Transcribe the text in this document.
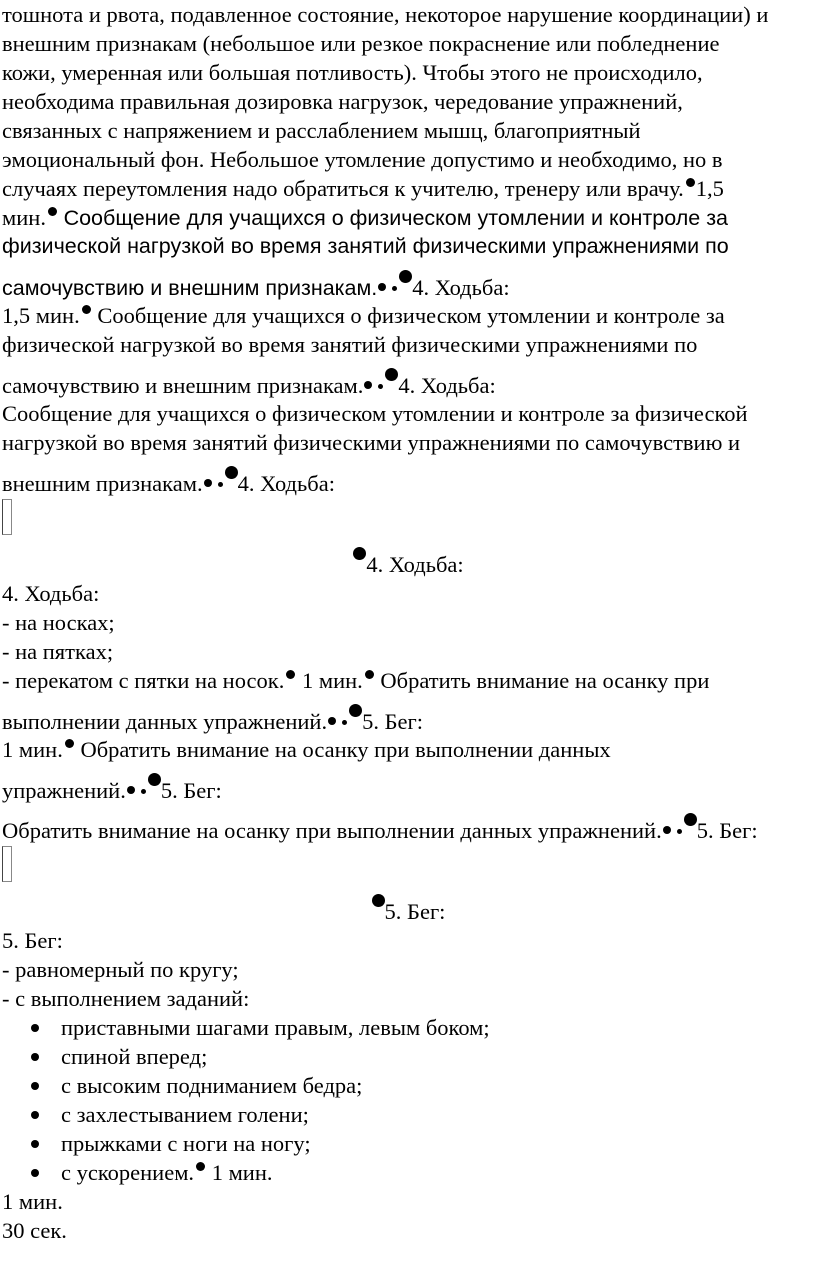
тошнота и рвота, подавленное состояние, некоторое нарушение координации) и
внешним признакам (небольшое или резкое покраснение или побледнение
кожи, умеренная или большая потливость). Чтобы этого не происходило,
необходима правильная дозировка нагрузок, чередование упражнений,
связанных с напряжением и расслаблением мышц, благоприятный
эмоциональный фон. Небольшое утомление допустимо и необходимо, но в
случаях переутомления надо обратиться к учителю, тренеру или врачу. 1,5
мин. Сообщение для учащихся о физическом утомлении и контроле за
физической нагрузкой во время занятий физическими упражнениями по
самочувствию и внешним признакам. 4. Ходьба:
1,5 мин. Сообщение для учащихся о физическом утомлении и контроле за
физической нагрузкой во время занятий физическими упражнениями по
самочувствию и внешним признакам. 4. Ходьба:
Сообщение для учащихся о физическом утомлении и контроле за физической
нагрузкой во время занятий физическими упражнениями по самочувствию и
внешним признакам. 4. Ходьба:
4. Ходьба:
4. Ходьба:
- на носках;
- на пятках;
- перекатом с пятки на носок. 1 мин. Обратить внимание на осанку при
выполнении данных упражнений. 5. Бег:
1 мин. Обратить внимание на осанку при выполнении данных
упражнений. 5. Бег:
Обратить внимание на осанку при выполнении данных упражнений. 5. Бег:
5. Бег:
5. Бег:
- равномерный по кругу;
- с выполнением заданий:
приставными шагами правым, левым боком;
спиной вперед;
с высоким подниманием бедра;
с захлестыванием голени;
прыжками с ноги на ногу;
с ускорением. 1 мин.
1 мин.
30 сек.
